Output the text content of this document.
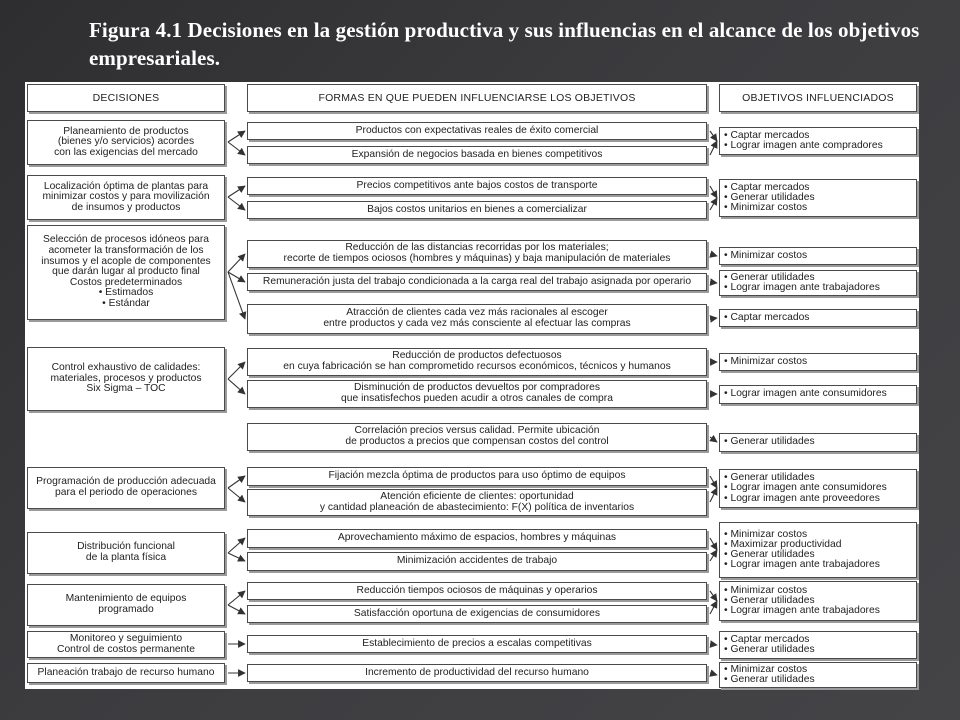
Figura 4.1 Decisiones en la gestión productiva y sus influencias en el alcance de los objetivos empresariales.
DECISIONES	FORMAS EN QUE PUEDEN INFLUENCIARSE LOS OBJETIVOS	OBJETIVOS INFLUENCIADOS
Planeamiento de productos
(bienes y/o servicios) acordes
con las exigencias del mercado
Localización óptima de plantas para
minimizar costos y para movilización
de insumos y productos
Selección de procesos idóneos para
acometer la transformación de los
insumos y el acople de componentes
que darán lugar al producto final
Costos predeterminados
• Estimados
• Estándar
Control exhaustivo de calidades:
materiales, procesos y productos
Six Sigma – TOC
Programación de producción adecuada
para el periodo de operaciones
Distribución funcional
de la planta física
Mantenimiento de equipos
programado
Monitoreo y seguimiento
Control de costos permanente
Planeación trabajo de recurso humano
Productos con expectativas reales de éxito comercial
Expansión de negocios basada en bienes competitivos
Precios competitivos ante bajos costos de transporte
Bajos costos unitarios en bienes a comercializar
Reducción de las distancias recorridas por los materiales;
recorte de tiempos ociosos (hombres y máquinas) y baja manipulación de materiales
Remuneración justa del trabajo condicionada a la carga real del trabajo asignada por operario
Atracción de clientes cada vez más racionales al escoger
entre productos y cada vez más consciente al efectuar las compras
Reducción de productos defectuosos
en cuya fabricación se han comprometido recursos económicos, técnicos y humanos
Disminución de productos devueltos por compradores
que insatisfechos pueden acudir a otros canales de compra
Correlación precios versus calidad. Permite ubicación
de productos a precios que compensan costos del control
Fijación mezcla óptima de productos para uso óptimo de equipos
Atención eficiente de clientes: oportunidad
y cantidad planeación de abastecimiento: F(X) política de inventarios
Aprovechamiento máximo de espacios, hombres y máquinas
Minimización accidentes de trabajo
Reducción tiempos ociosos de máquinas y operarios
Satisfacción oportuna de exigencias de consumidores
Establecimiento de precios a escalas competitivas
Incremento de productividad del recurso humano
• Captar mercados
• Lograr imagen ante compradores
• Captar mercados
• Generar utilidades
• Minimizar costos
• Minimizar costos
• Generar utilidades
• Lograr imagen ante trabajadores
• Captar mercados
• Minimizar costos
• Lograr imagen ante consumidores
• Generar utilidades
• Generar utilidades
• Lograr imagen ante consumidores
• Lograr imagen ante proveedores
• Minimizar costos
• Maximizar productividad
• Generar utilidades
• Lograr imagen ante trabajadores
• Minimizar costos
• Generar utilidades
• Lograr imagen ante trabajadores
• Captar mercados
• Generar utilidades
• Minimizar costos
• Generar utilidades
